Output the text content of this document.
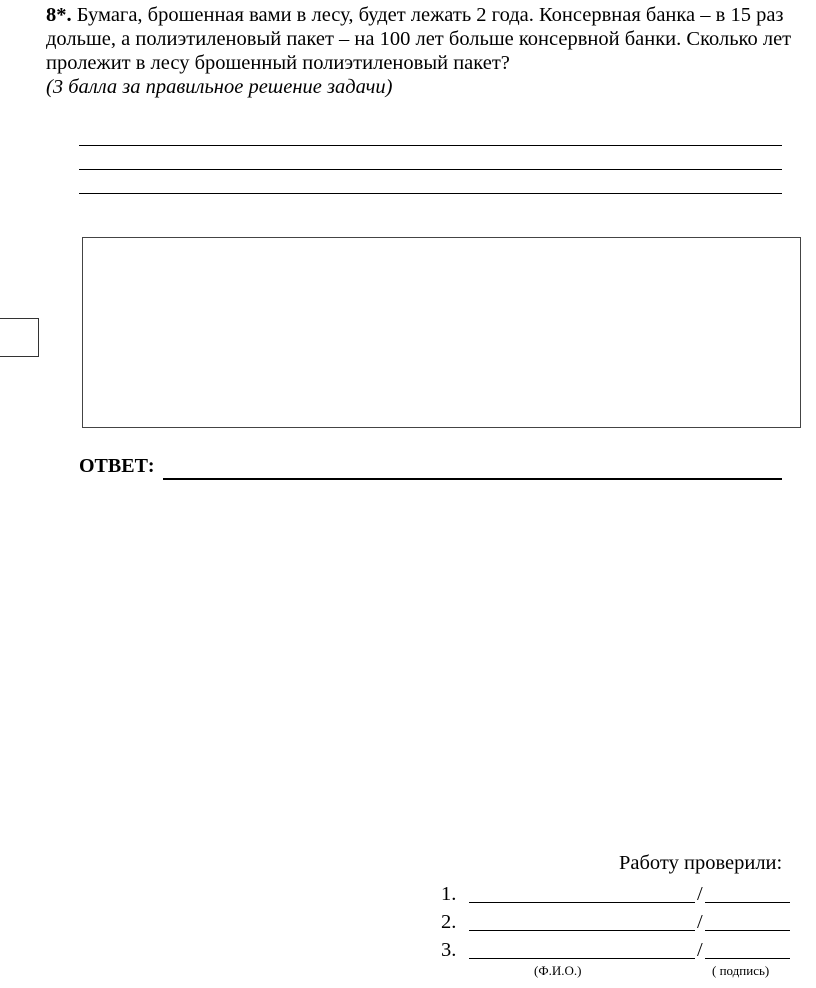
8*. Бумага, брошенная вами в лесу, будет лежать 2 года. Консервная банка – в 15 раз дольше, а полиэтиленовый пакет – на 100 лет больше консервной банки. Сколько лет пролежит в лесу брошенный полиэтиленовый пакет?
(3 балла за правильное решение задачи)
ОТВЕТ:
Работу проверили:
1.	/
2.	/
3.	/
(Ф.И.О.)	( подпись)
